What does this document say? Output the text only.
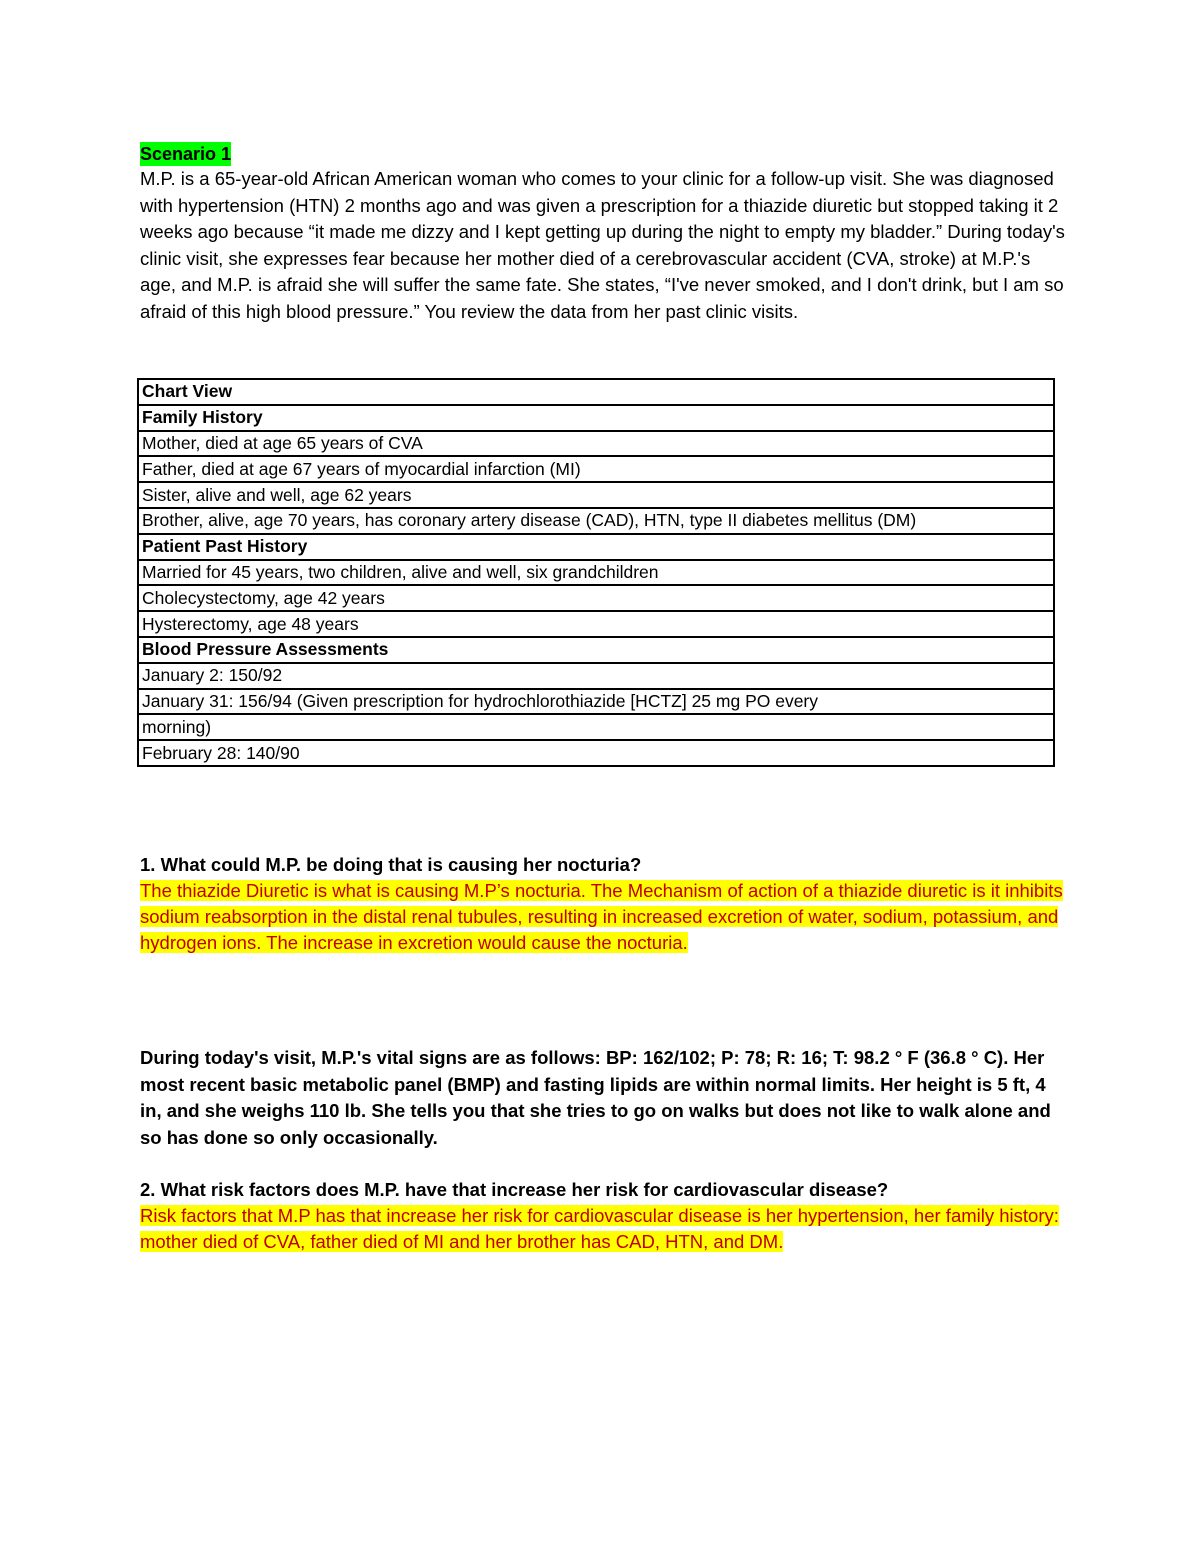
Scenario 1

M.P. is a 65-year-old African American woman who comes to your clinic for a follow-up visit. She was diagnosed with hypertension (HTN) 2 months ago and was given a prescription for a thiazide diuretic but stopped taking it 2 weeks ago because “it made me dizzy and I kept getting up during the night to empty my bladder.” During today's clinic visit, she expresses fear because her mother died of a cerebrovascular accident (CVA, stroke) at M.P.'s age, and M.P. is afraid she will suffer the same fate. She states, “I've never smoked, and I don't drink, but I am so afraid of this high blood pressure.” You review the data from her past clinic visits.

Chart View
Family History
Mother, died at age 65 years of CVA
Father, died at age 67 years of myocardial infarction (MI)
Sister, alive and well, age 62 years
Brother, alive, age 70 years, has coronary artery disease (CAD), HTN, type II diabetes mellitus (DM)
Patient Past History
Married for 45 years, two children, alive and well, six grandchildren
Cholecystectomy, age 42 years
Hysterectomy, age 48 years
Blood Pressure Assessments
January 2: 150/92
January 31: 156/94 (Given prescription for hydrochlorothiazide [HCTZ] 25 mg PO every
morning)
February 28: 140/90

1. What could M.P. be doing that is causing her nocturia?

The thiazide Diuretic is what is causing M.P’s nocturia. The Mechanism of action of a thiazide diuretic is it inhibits sodium reabsorption in the distal renal tubules, resulting in increased excretion of water, sodium, potassium, and hydrogen ions. The increase in excretion would cause the nocturia.

During today's visit, M.P.'s vital signs are as follows: BP: 162/102; P: 78; R: 16; T: 98.2 ° F (36.8 ° C). Her most recent basic metabolic panel (BMP) and fasting lipids are within normal limits. Her height is 5 ft, 4 in, and she weighs 110 lb. She tells you that she tries to go on walks but does not like to walk alone and so has done so only occasionally.

2. What risk factors does M.P. have that increase her risk for cardiovascular disease?

Risk factors that M.P has that increase her risk for cardiovascular disease is her hypertension, her family history: mother died of CVA, father died of MI and her brother has CAD, HTN, and DM.
